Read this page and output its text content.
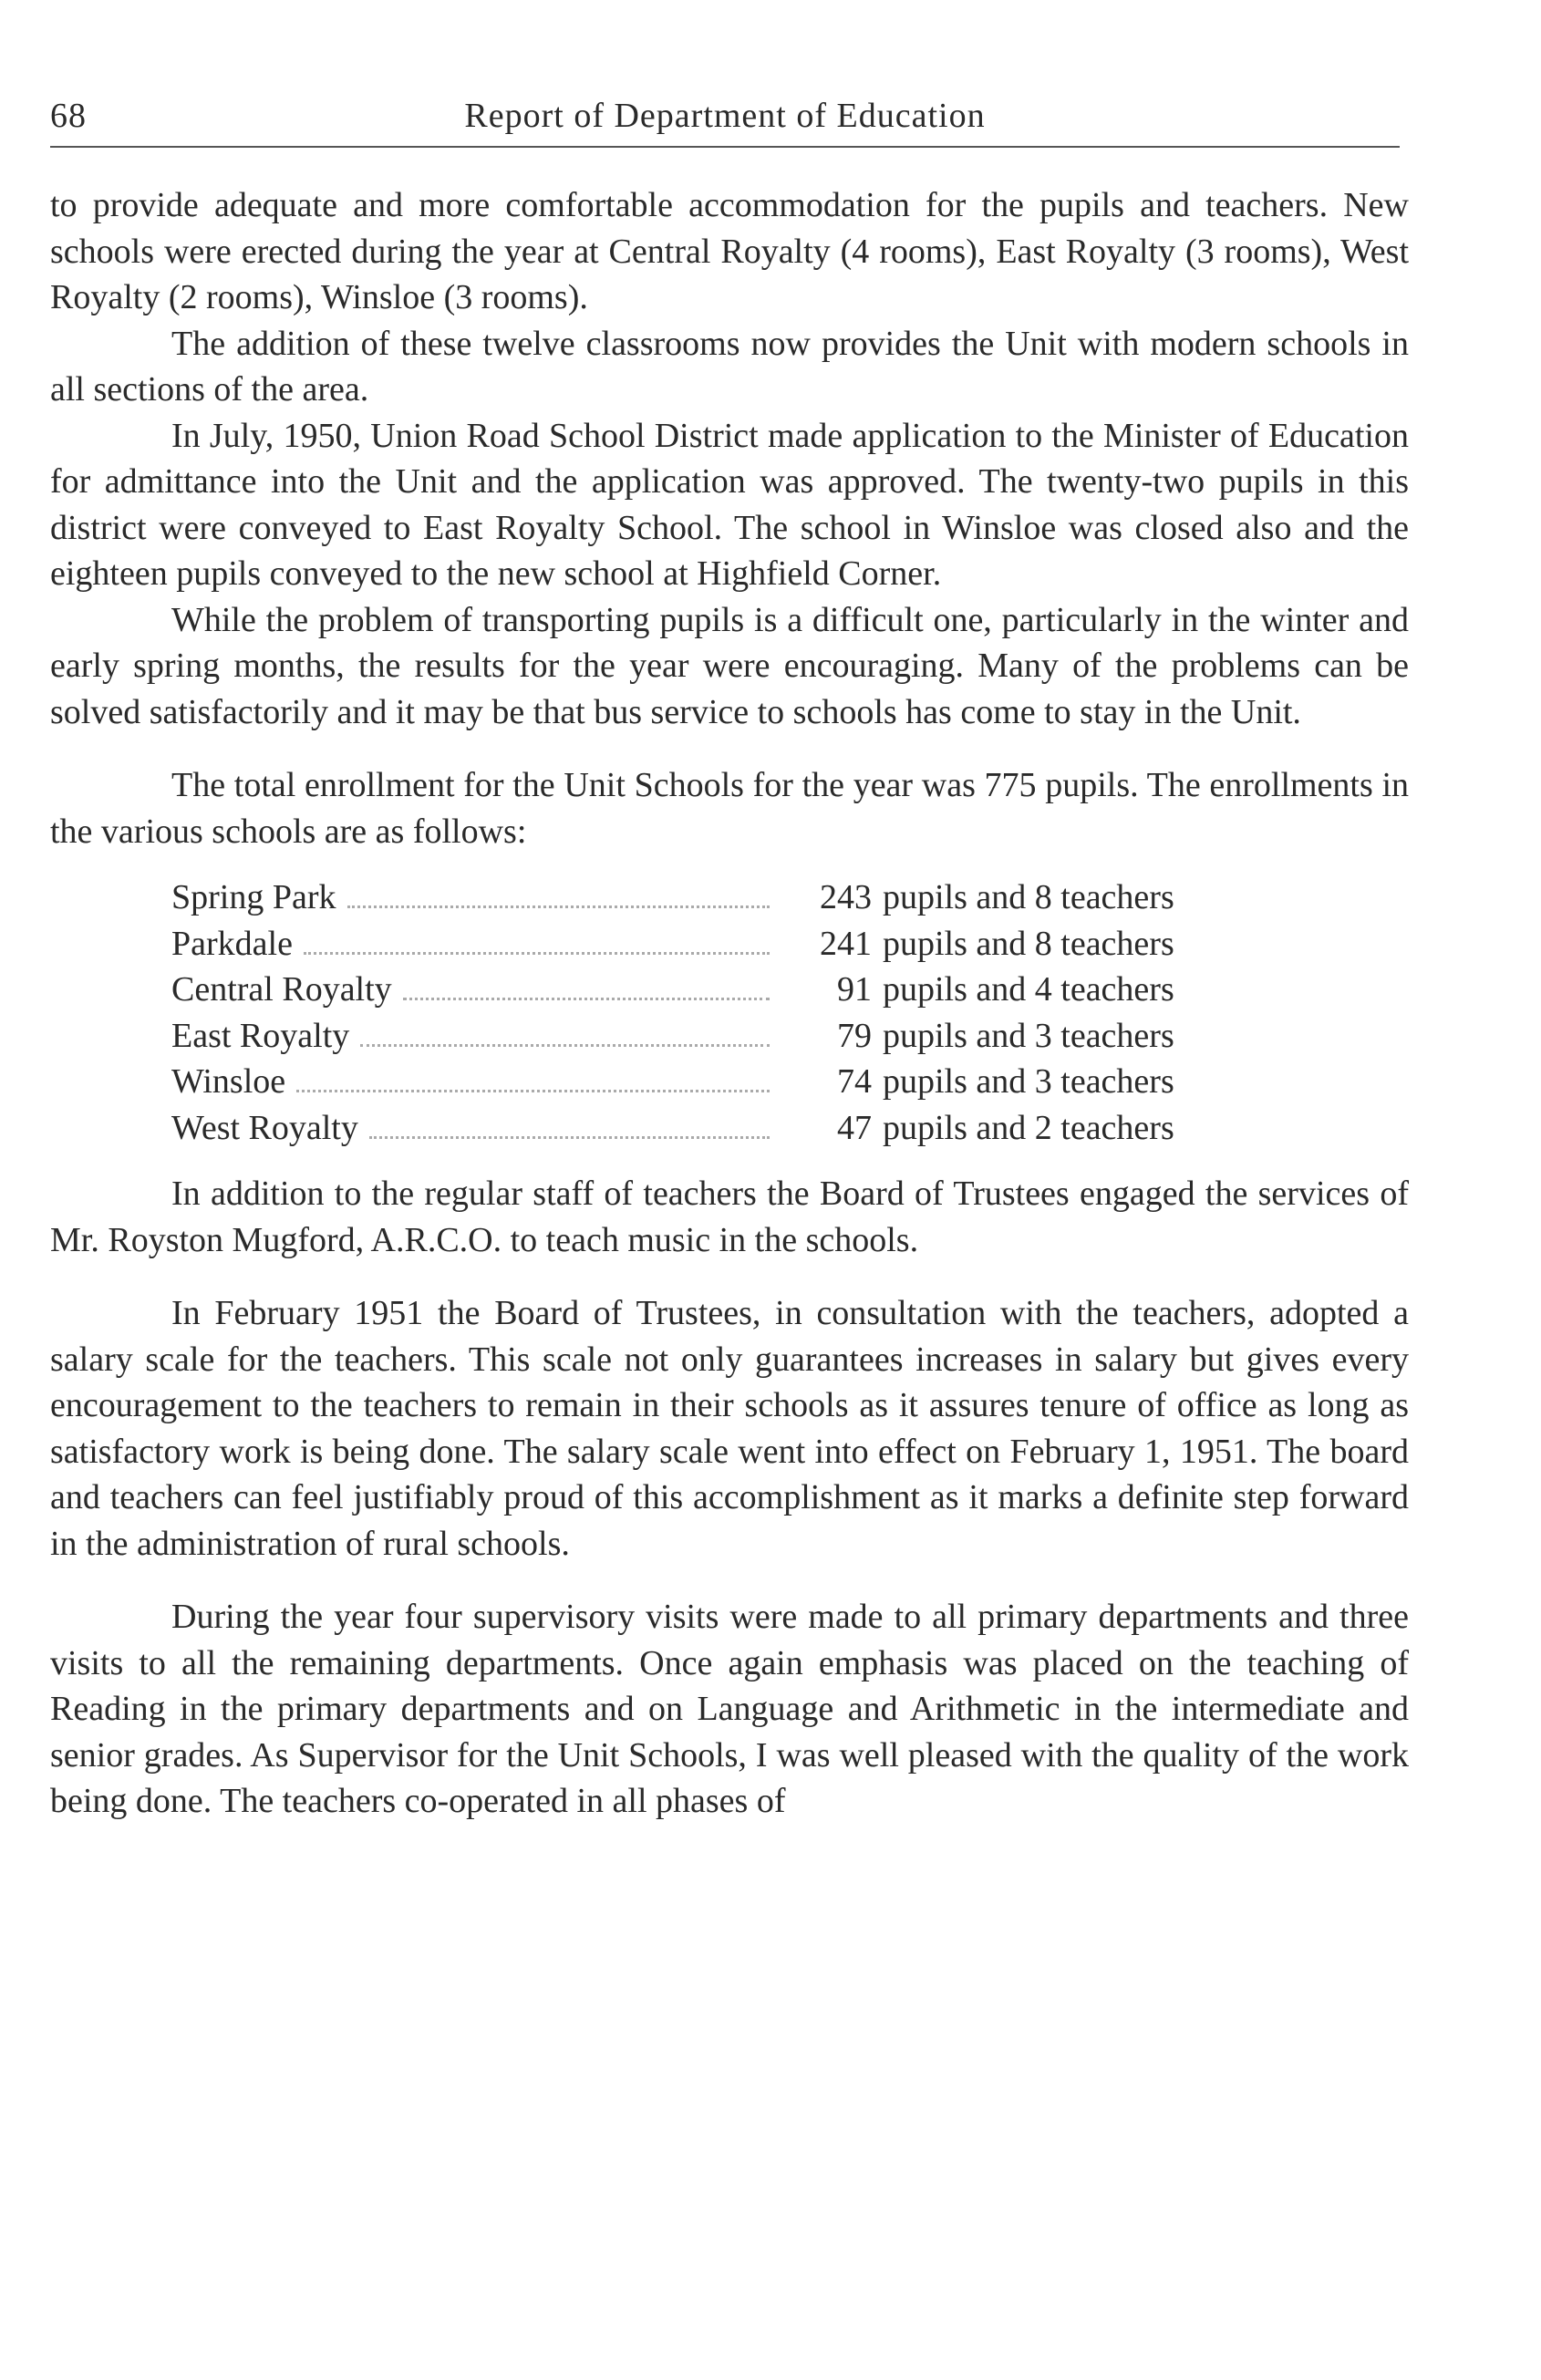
68	Report of Department of Education

to provide adequate and more comfortable accommodation for the pupils and teachers. New schools were erected during the year at Central Royalty (4 rooms), East Royalty (3 rooms), West Royalty (2 rooms), Winsloe (3 rooms).

The addition of these twelve classrooms now provides the Unit with modern schools in all sections of the area.

In July, 1950, Union Road School District made application to the Minister of Education for admittance into the Unit and the application was approved. The twenty-two pupils in this district were conveyed to East Royalty School. The school in Winsloe was closed also and the eighteen pupils conveyed to the new school at Highfield Corner.

While the problem of transporting pupils is a difficult one, particularly in the winter and early spring months, the results for the year were encouraging. Many of the problems can be solved satisfactorily and it may be that bus service to schools has come to stay in the Unit.

The total enrollment for the Unit Schools for the year was 775 pupils. The enrollments in the various schools are as follows:

Spring Park	243 pupils and 8 teachers
Parkdale	241 pupils and 8 teachers
Central Royalty	91 pupils and 4 teachers
East Royalty	79 pupils and 3 teachers
Winsloe	74 pupils and 3 teachers
West Royalty	47 pupils and 2 teachers

In addition to the regular staff of teachers the Board of Trustees engaged the services of Mr. Royston Mugford, A.R.C.O. to teach music in the schools.

In February 1951 the Board of Trustees, in consultation with the teachers, adopted a salary scale for the teachers. This scale not only guarantees increases in salary but gives every encouragement to the teachers to remain in their schools as it assures tenure of office as long as satisfactory work is being done. The salary scale went into effect on February 1, 1951. The board and teachers can feel justifiably proud of this accomplishment as it marks a definite step forward in the administration of rural schools.

During the year four supervisory visits were made to all primary departments and three visits to all the remaining departments. Once again emphasis was placed on the teaching of Reading in the primary departments and on Language and Arithmetic in the intermediate and senior grades. As Supervisor for the Unit Schools, I was well pleased with the quality of the work being done. The teachers co-operated in all phases of
